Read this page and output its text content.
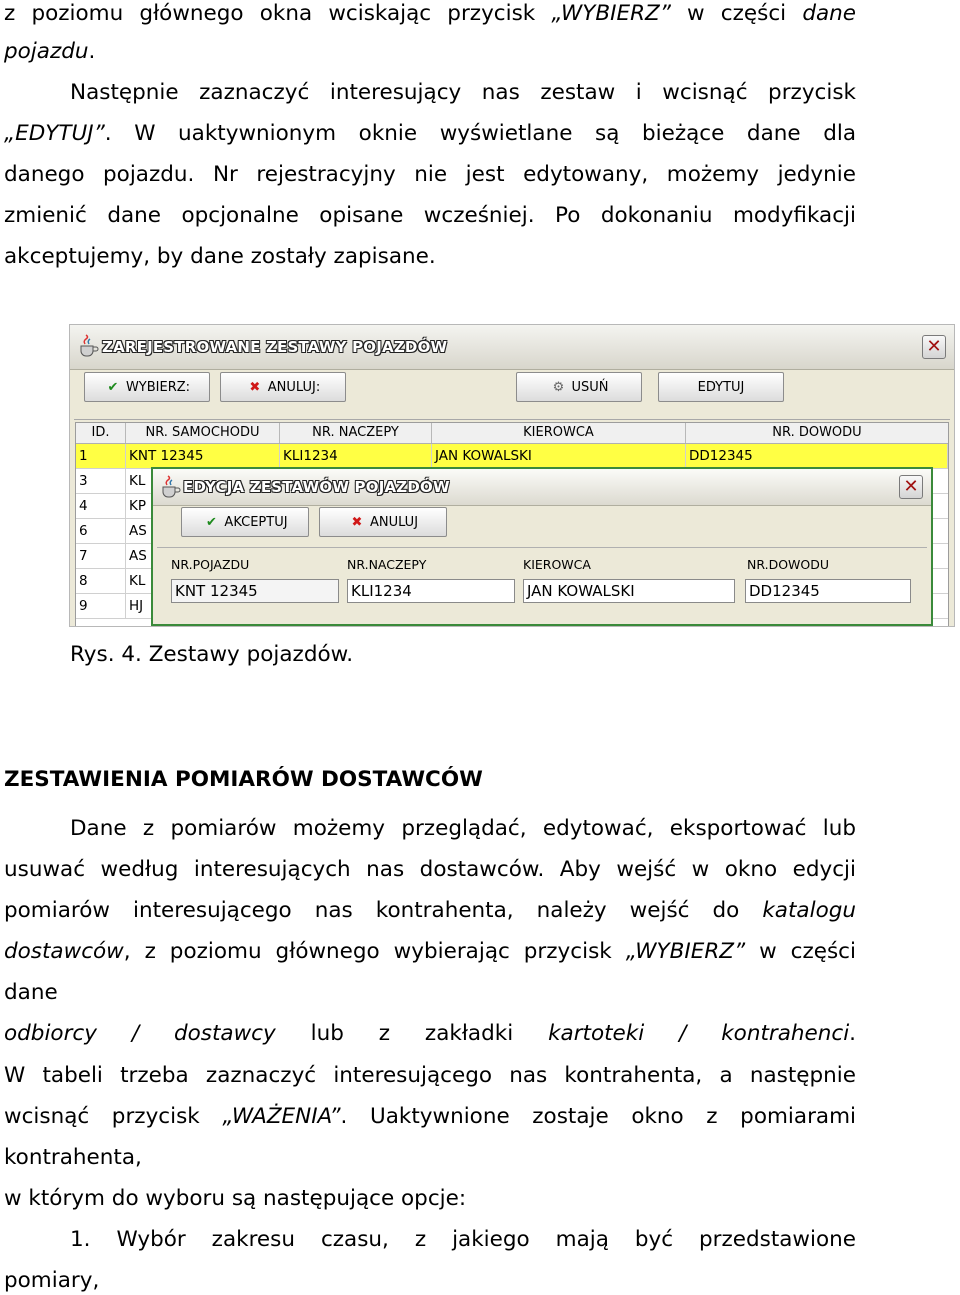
z poziomu głównego okna wciskając przycisk „WYBIERZ” w części dane
pojazdu.
Następnie zaznaczyć interesujący nas zestaw i wcisnąć przycisk
„EDYTUJ”. W uaktywnionym oknie wyświetlane są bieżące dane dla
danego pojazdu. Nr rejestracyjny nie jest edytowany, możemy jedynie
zmienić dane opcjonalne opisane wcześniej. Po dokonaniu modyfikacji
akceptujemy, by dane zostały zapisane.
ZAREJESTROWANE ZESTAWY POJAZDÓW	✕
✔ WYBIERZ:	✖ ANULUJ:	⚙ USUŃ	EDYTUJ
ID.	NR. SAMOCHODU	NR. NACZEPY	KIEROWCA	NR. DOWODU
1	KNT 12345	KLI1234	JAN KOWALSKI	DD12345
3	KL
4	KP
6	AS
7	AS
8	KL
9	HJ
EDYCJA ZESTAWÓW POJAZDÓW	✕
✔ AKCEPTUJ	✖ ANULUJ
NR.POJAZDU	NR.NACZEPY	KIEROWCA	NR.DOWODU
KNT 12345	KLI1234	JAN KOWALSKI	DD12345
Rys. 4. Zestawy pojazdów.
ZESTAWIENIA POMIARÓW DOSTAWCÓW
Dane z pomiarów możemy przeglądać, edytować, eksportować lub
usuwać według interesujących nas dostawców. Aby wejść w okno edycji
pomiarów interesującego nas kontrahenta, należy wejść do katalogu
dostawców, z poziomu głównego wybierając przycisk „WYBIERZ” w części
dane
odbiorcy / dostawcy lub z zakładki kartoteki / kontrahenci.
W tabeli trzeba zaznaczyć interesującego nas kontrahenta, a następnie
wcisnąć przycisk „WAŻENIA”. Uaktywnione zostaje okno z pomiarami
kontrahenta,
w którym do wyboru są następujące opcje:
1. Wybór zakresu czasu, z jakiego mają być przedstawione
pomiary,
